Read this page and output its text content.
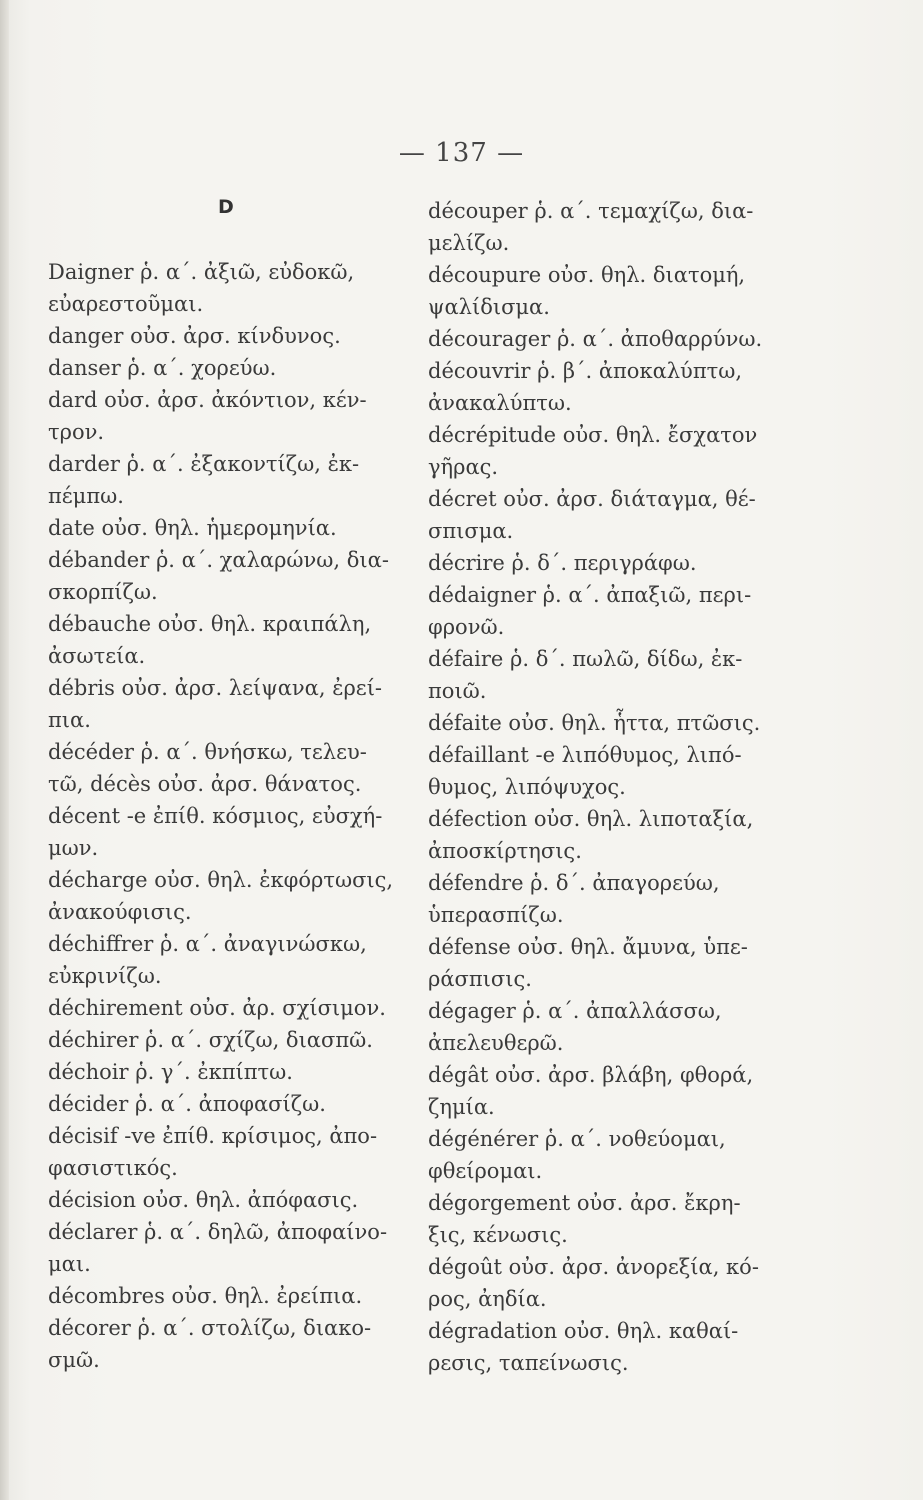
— 137 —
D
Daigner ῥ. α΄. ἀξιῶ, εὐδοκῶ,
εὐαρεστοῦμαι.
danger οὐσ. ἀρσ. κίνδυνος.
danser ῥ. α΄. χορεύω.
dard οὐσ. ἀρσ. ἀκόντιον, κέν-
τρον.
darder ῥ. α΄. ἐξακοντίζω, ἐκ-
πέμπω.
date οὐσ. θηλ. ἡμερομηνία.
débander ῥ. α΄. χαλαρώνω, δια-
σκορπίζω.
débauche οὐσ. θηλ. κραιπάλη,
ἀσωτεία.
débris οὐσ. ἀρσ. λείψανα, ἐρεί-
πια.
décéder ῥ. α΄. θνήσκω, τελευ-
τῶ, décès οὐσ. ἀρσ. θάνατος.
décent -e ἐπίθ. κόσμιος, εὐσχή-
μων.
décharge οὐσ. θηλ. ἐκφόρτωσις,
ἀνακούφισις.
déchiffrer ῥ. α΄. ἀναγινώσκω,
εὐκρινίζω.
déchirement οὐσ. ἀρ. σχίσιμον.
déchirer ῥ. α΄. σχίζω, διασπῶ.
déchoir ῥ. γ΄. ἐκπίπτω.
décider ῥ. α΄. ἀποφασίζω.
décisif -ve ἐπίθ. κρίσιμος, ἀπο-
φασιστικός.
décision οὐσ. θηλ. ἀπόφασις.
déclarer ῥ. α΄. δηλῶ, ἀποφαίνο-
μαι.
décombres οὐσ. θηλ. ἐρείπια.
décorer ῥ. α΄. στολίζω, διακο-
σμῶ.
découper ῥ. α΄. τεμαχίζω, δια-
μελίζω.
découpure οὐσ. θηλ. διατομή,
ψαλίδισμα.
décourager ῥ. α΄. ἀποθαρρύνω.
découvrir ῥ. β΄. ἀποκαλύπτω,
ἀνακαλύπτω.
décrépitude οὐσ. θηλ. ἔσχατον
γῆρας.
décret οὐσ. ἀρσ. διάταγμα, θέ-
σπισμα.
décrire ῥ. δ΄. περιγράφω.
dédaigner ῥ. α΄. ἀπαξιῶ, περι-
φρονῶ.
défaire ῥ. δ΄. πωλῶ, δίδω, ἐκ-
ποιῶ.
défaite οὐσ. θηλ. ἧττα, πτῶσις.
défaillant -e λιπόθυμος, λιπό-
θυμος, λιπόψυχος.
défection οὐσ. θηλ. λιποταξία,
ἀποσκίρτησις.
défendre ῥ. δ΄. ἀπαγορεύω,
ὑπερασπίζω.
défense οὐσ. θηλ. ἄμυνα, ὑπε-
ράσπισις.
dégager ῥ. α΄. ἀπαλλάσσω,
ἀπελευθερῶ.
dégât οὐσ. ἀρσ. βλάβη, φθορά,
ζημία.
dégénérer ῥ. α΄. νοθεύομαι,
φθείρομαι.
dégorgement οὐσ. ἀρσ. ἔκρη-
ξις, κένωσις.
dégoût οὐσ. ἀρσ. ἀνορεξία, κό-
ρος, ἀηδία.
dégradation οὐσ. θηλ. καθαί-
ρεσις, ταπείνωσις.
